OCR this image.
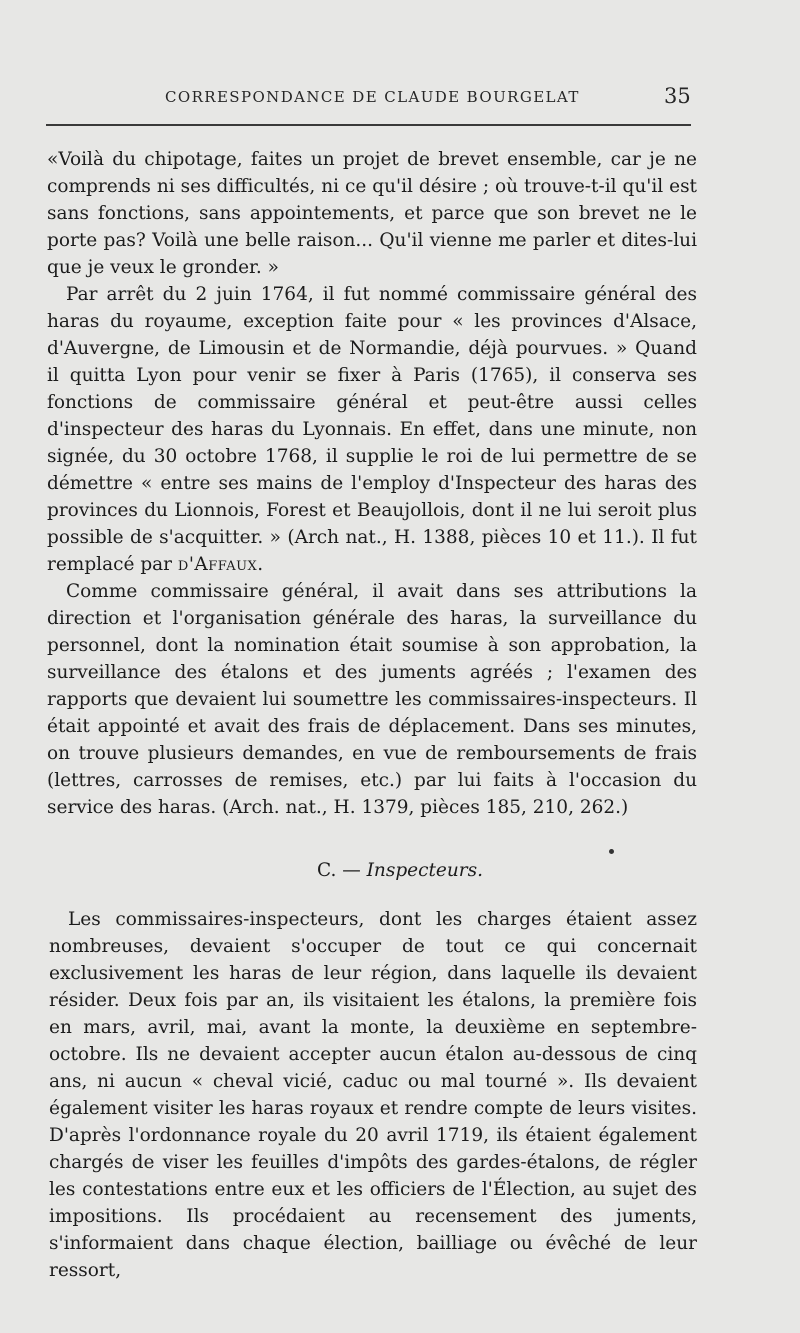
CORRESPONDANCE DE CLAUDE BOURGELAT	35

«Voilà du chipotage, faites un projet de brevet ensemble, car je ne comprends ni ses difficultés, ni ce qu'il désire ; où trouve-t-il qu'il est sans fonctions, sans appointements, et parce que son brevet ne le porte pas? Voilà une belle raison... Qu'il vienne me parler et dites-lui que je veux le gronder. »

Par arrêt du 2 juin 1764, il fut nommé commissaire général des haras du royaume, exception faite pour « les provinces d'Alsace, d'Auvergne, de Limousin et de Normandie, déjà pourvues. » Quand il quitta Lyon pour venir se fixer à Paris (1765), il conserva ses fonctions de commissaire général et peut-être aussi celles d'inspecteur des haras du Lyonnais. En effet, dans une minute, non signée, du 30 octobre 1768, il supplie le roi de lui permettre de se démettre « entre ses mains de l'employ d'Inspecteur des haras des provinces du Lionnois, Forest et Beaujollois, dont il ne lui seroit plus possible de s'acquitter. » (Arch nat., H. 1388, pièces 10 et 11.). Il fut remplacé par d'Affaux.

Comme commissaire général, il avait dans ses attributions la direction et l'organisation générale des haras, la surveillance du personnel, dont la nomination était soumise à son approbation, la surveillance des étalons et des juments agréés ; l'examen des rapports que devaient lui soumettre les commissaires-inspecteurs. Il était appointé et avait des frais de déplacement. Dans ses minutes, on trouve plusieurs demandes, en vue de remboursements de frais (lettres, carrosses de remises, etc.) par lui faits à l'occasion du service des haras. (Arch. nat., H. 1379, pièces 185, 210, 262.)

C. — Inspecteurs.

Les commissaires-inspecteurs, dont les charges étaient assez nombreuses, devaient s'occuper de tout ce qui concernait exclusivement les haras de leur région, dans laquelle ils devaient résider. Deux fois par an, ils visitaient les étalons, la première fois en mars, avril, mai, avant la monte, la deuxième en septembre-octobre. Ils ne devaient accepter aucun étalon au-dessous de cinq ans, ni aucun « cheval vicié, caduc ou mal tourné ». Ils devaient également visiter les haras royaux et rendre compte de leurs visites. D'après l'ordonnance royale du 20 avril 1719, ils étaient également chargés de viser les feuilles d'impôts des gardes-étalons, de régler les contestations entre eux et les officiers de l'Élection, au sujet des impositions. Ils procédaient au recensement des juments, s'informaient dans chaque élection, bailliage ou évêché de leur ressort,
